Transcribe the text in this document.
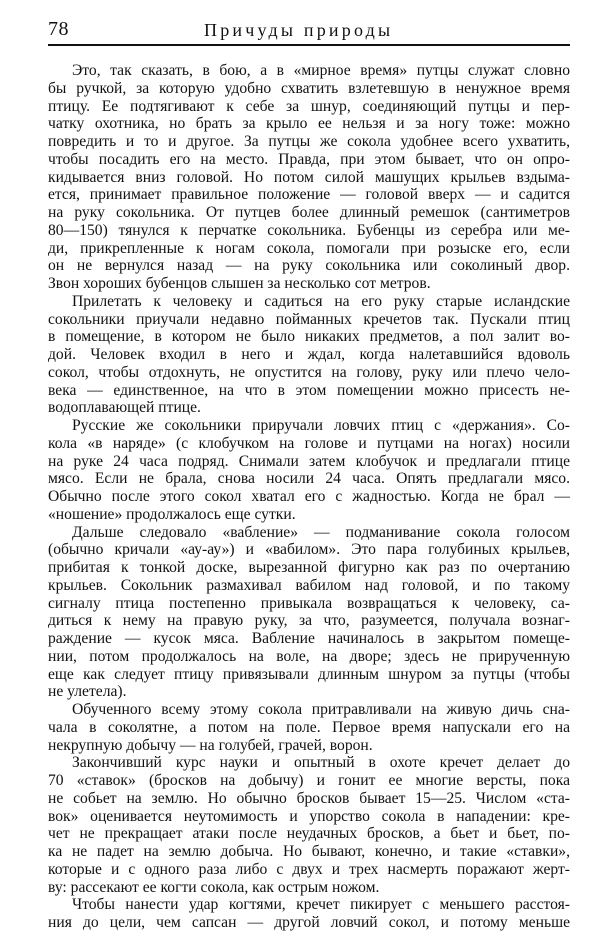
78	Причуды природы
Это, так сказать, в бою, а в «мирное время» путцы служат словно
бы ручкой, за которую удобно схватить взлетевшую в ненужное время
птицу. Ее подтягивают к себе за шнур, соединяющий путцы и пер-
чатку охотника, но брать за крыло ее нельзя и за ногу тоже: можно
повредить и то и другое. За путцы же сокола удобнее всего ухватить,
чтобы посадить его на место. Правда, при этом бывает, что он опро-
кидывается вниз головой. Но потом силой машущих крыльев вздыма-
ется, принимает правильное положение — головой вверх — и садится
на руку сокольника. От путцев более длинный ремешок (сантиметров
80—150) тянулся к перчатке сокольника. Бубенцы из серебра или ме-
ди, прикрепленные к ногам сокола, помогали при розыске его, если
он не вернулся назад — на руку сокольника или соколиный двор.
Звон хороших бубенцов слышен за несколько сот метров.
Прилетать к человеку и садиться на его руку старые исландские
сокольники приучали недавно пойманных кречетов так. Пускали птиц
в помещение, в котором не было никаких предметов, а пол залит во-
дой. Человек входил в него и ждал, когда налетавшийся вдоволь
сокол, чтобы отдохнуть, не опустится на голову, руку или плечо чело-
века — единственное, на что в этом помещении можно присесть не-
водоплавающей птице.
Русские же сокольники приручали ловчих птиц с «держания». Со-
кола «в наряде» (с клобучком на голове и путцами на ногах) носили
на руке 24 часа подряд. Снимали затем клобучок и предлагали птице
мясо. Если не брала, снова носили 24 часа. Опять предлагали мясо.
Обычно после этого сокол хватал его с жадностью. Когда не брал —
«ношение» продолжалось еще сутки.
Дальше следовало «вабление» — подманивание сокола голосом
(обычно кричали «ау-ау») и «вабилом». Это пара голубиных крыльев,
прибитая к тонкой доске, вырезанной фигурно как раз по очертанию
крыльев. Сокольник размахивал вабилом над головой, и по такому
сигналу птица постепенно привыкала возвращаться к человеку, са-
диться к нему на правую руку, за что, разумеется, получала вознаг-
раждение — кусок мяса. Вабление начиналось в закрытом помеще-
нии, потом продолжалось на воле, на дворе; здесь не прирученную
еще как следует птицу привязывали длинным шнуром за путцы (чтобы
не улетела).
Обученного всему этому сокола притравливали на живую дичь сна-
чала в соколятне, а потом на поле. Первое время напускали его на
некрупную добычу — на голубей, грачей, ворон.
Закончивший курс науки и опытный в охоте кречет делает до
70 «ставок» (бросков на добычу) и гонит ее многие версты, пока
не собьет на землю. Но обычно бросков бывает 15—25. Числом «ста-
вок» оценивается неутомимость и упорство сокола в нападении: кре-
чет не прекращает атаки после неудачных бросков, а бьет и бьет, по-
ка не падет на землю добыча. Но бывают, конечно, и такие «ставки»,
которые и с одного раза либо с двух и трех насмерть поражают жерт-
ву: рассекают ее когти сокола, как острым ножом.
Чтобы нанести удар когтями, кречет пикирует с меньшего расстоя-
ния до цели, чем сапсан — другой ловчий сокол, и потому меньше
